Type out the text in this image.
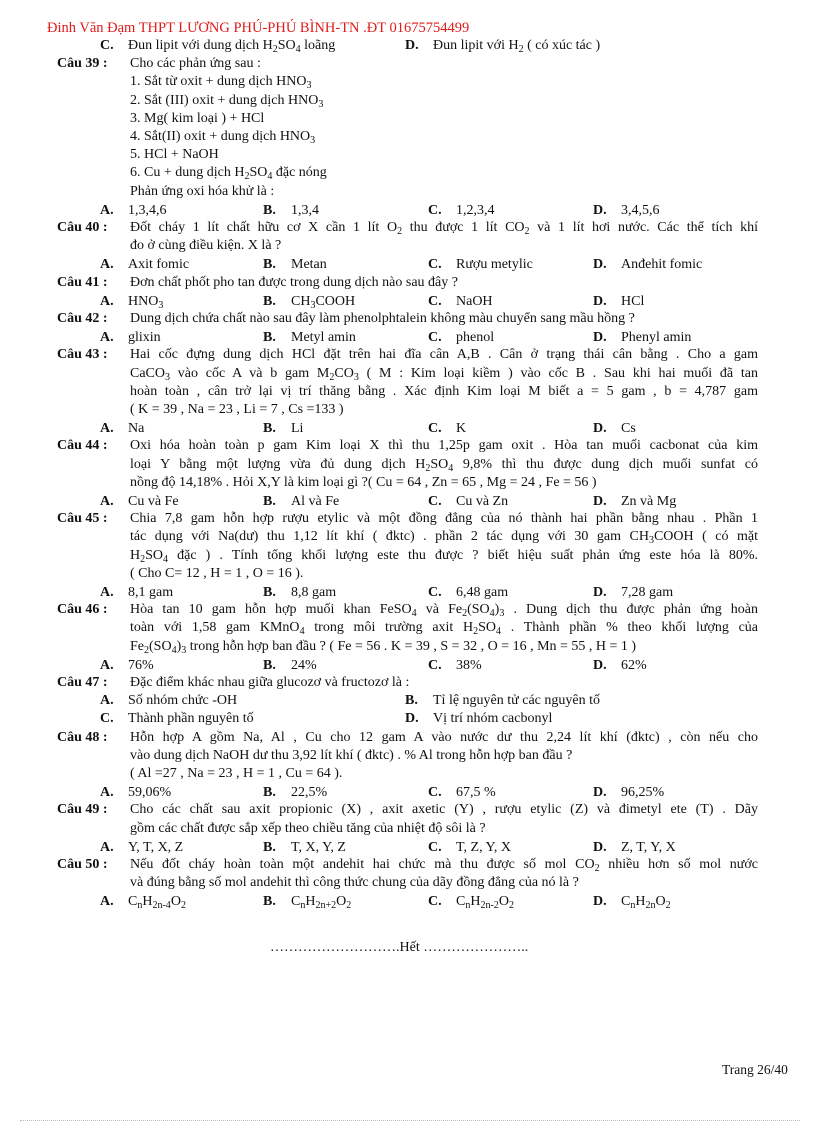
Đinh Văn Đạm THPT LƯƠNG PHÚ-PHÚ BÌNH-TN .ĐT 01675754499
C. Đun lipit với dung dịch $H_2SO_4$ loãng	D. Đun lipit với $H_2$ ( có xúc tác )
Câu 39 : Cho các phản ứng sau :
1. Sắt từ oxit + dung dịch $HNO_3$
2. Sắt (III) oxit + dung dịch $HNO_3$
3. Mg( kim loại ) + HCl
4. Sắt(II) oxit + dung dịch $HNO_3$
5. HCl + NaOH
6. Cu + dung dịch $H_2SO_4$ đặc nóng
Phản ứng oxi hóa khử là :
A. 1,3,4,6	B. 1,3,4	C. 1,2,3,4	D. 3,4,5,6
Câu 40 : Đốt cháy 1 lít chất hữu cơ X cần 1 lít $O_2$ thu được 1 lít $CO_2$ và 1 lít hơi nước. Các thể tích khí
đo ở cùng điều kiện. X là ?
A. Axit fomic	B. Metan	C. Rượu metylic	D. Anđehit fomic
Câu 41 : Đơn chất phốt pho tan được trong dung dịch nào sau đây ?
A. $HNO_3$	B. $CH_3COOH$	C. NaOH	D. HCl
Câu 42 : Dung dịch chứa chất nào sau đây làm phenolphtalein không màu chuyển sang mầu hồng ?
A. glixin	B. Metyl amin	C. phenol	D. Phenyl amin
Câu 43 : Hai cốc đựng dung dịch HCl đặt trên hai đĩa cân A,B . Cân ở trạng thái cân bằng . Cho a gam
CaCO$_3$ vào cốc A và b gam $M_2CO_3$ ( M : Kim loại kiềm ) vào cốc B . Sau khi hai muối đã tan
hoàn toàn , cân trở lại vị trí thăng bằng . Xác định Kim loại M biết a = 5 gam , b = 4,787 gam
( K = 39 , Na = 23 , Li = 7 , Cs =133 )
A. Na	B. Li	C. K	D. Cs
Câu 44 : Oxi hóa hoàn toàn p gam Kim loại X thì thu 1,25p gam oxit . Hòa tan muối cacbonat của kim
loại Y bằng một lượng vừa đủ dung dịch $H_2SO_4$ 9,8% thì thu được dung dịch muối sunfat có
nồng độ 14,18% . Hỏi X,Y là kim loại gì ?( Cu = 64 , Zn = 65 , Mg = 24 , Fe = 56 )
A. Cu và Fe	B. Al và Fe	C. Cu và Zn	D. Zn và Mg
Câu 45 : Chia 7,8 gam hỗn hợp rượu etylic và một đồng đẳng của nó thành hai phần bằng nhau . Phần 1
tác dụng với Na(dư) thu 1,12 lít khí ( đktc) . phần 2 tác dụng với 30 gam $CH_3COOH$ ( có mặt
$H_2SO_4$ đặc ) . Tính tổng khối lượng este thu được ? biết hiệu suất phản ứng este hóa là 80%.
( Cho C= 12 , H = 1 , O = 16 ).
A. 8,1 gam	B. 8,8 gam	C. 6,48 gam	D. 7,28 gam
Câu 46 : Hòa tan 10 gam hỗn hợp muối khan FeSO$_4$ và $Fe_2(SO_4)_3$ . Dung dịch thu được phản ứng hoàn
toàn với 1,58 gam KMnO$_4$ trong môi trường axit $H_2SO_4$ . Thành phần % theo khối lượng của
$Fe_2(SO_4)_3$ trong hỗn hợp ban đầu ? ( Fe = 56 . K = 39 , S = 32 , O = 16 , Mn = 55 , H = 1 )
A. 76%	B. 24%	C. 38%	D. 62%
Câu 47 : Đặc điểm khác nhau giữa glucozơ và fructozơ là :
A. Số nhóm chức -OH	B. Tỉ lệ nguyên tử các nguyên tố
C. Thành phần nguyên tố	D. Vị trí nhóm cacbonyl
Câu 48 : Hỗn hợp A gồm Na, Al , Cu cho 12 gam A vào nước dư thu 2,24 lít khí (đktc) , còn nếu cho
vào dung dịch NaOH dư thu 3,92 lít khí ( đktc) . % Al trong hỗn hợp ban đầu ?
( Al =27 , Na = 23 , H = 1 , Cu = 64 ).
A. 59,06%	B. 22,5%	C. 67,5 %	D. 96,25%
Câu 49 : Cho các chất sau axit propionic (X) , axit axetic (Y) , rượu etylic (Z) và đimetyl ete (T) . Dãy
gồm các chất được sắp xếp theo chiều tăng của nhiệt độ sôi là ?
A. Y, T, X, Z	B. T, X, Y, Z	C. T, Z, Y, X	D. Z, T, Y, X
Câu 50 : Nếu đốt cháy hoàn toàn một andehit hai chức mà thu được số mol $CO_2$ nhiều hơn số mol nước
và đúng bằng số mol andehit thì công thức chung của dãy đồng đẳng của nó là ?
A. $C_nH_{2n-4}O_2$	B. $C_nH_{2n+2}O_2$	C. $C_nH_{2n-2}O_2$	D. $C_nH_{2n}O_2$
……………………….Hết …………………..
Trang 26/40
